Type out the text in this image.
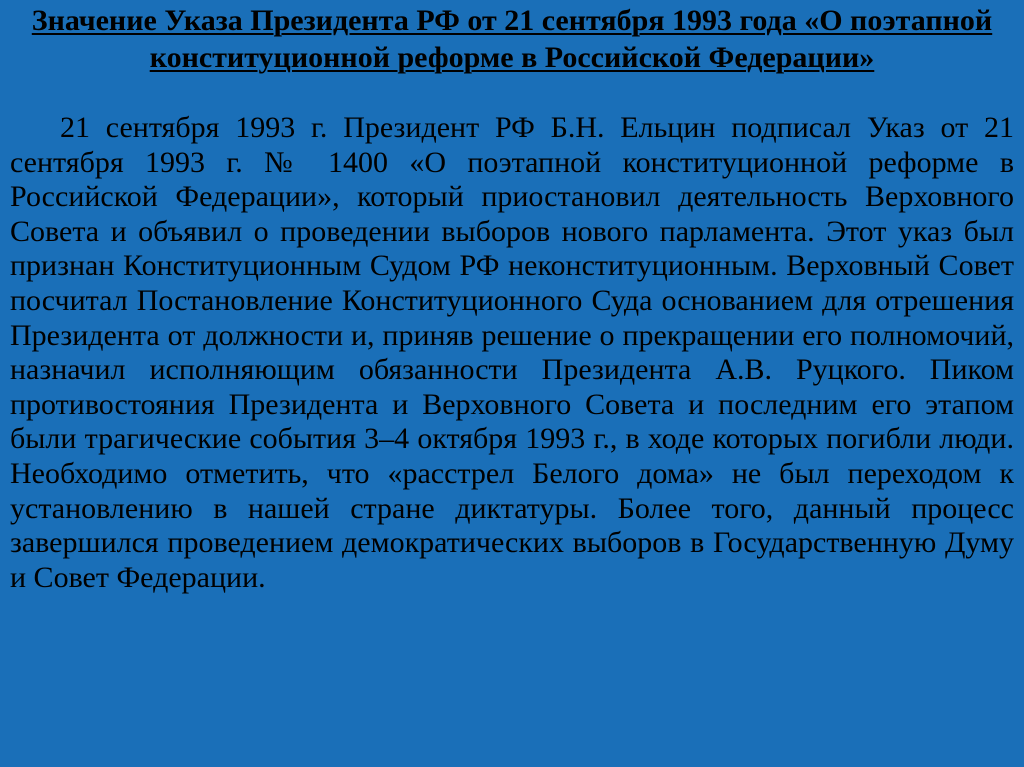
Значение Указа Президента РФ от 21 сентября 1993 года «О поэтапной конституционной реформе в Российской Федерации»

21 сентября 1993 г. Президент РФ Б.Н. Ельцин подписал Указ от 21 сентября 1993 г. № 1400 «О поэтапной конституционной реформе в Российской Федерации», который приостановил деятельность Верховного Совета и объявил о проведении выборов нового парламента. Этот указ был признан Конституционным Судом РФ неконституционным. Верховный Совет посчитал Постановление Конституционного Суда основанием для отрешения Президента от должности и, приняв решение о прекращении его полномочий, назначил исполняющим обязанности Президента А.В. Руцкого. Пиком противостояния Президента и Верховного Совета и последним его этапом были трагические события 3–4 октября 1993 г., в ходе которых погибли люди. Необходимо отметить, что «расстрел Белого дома» не был переходом к установлению в нашей стране диктатуры. Более того, данный процесс завершился проведением демократических выборов в Государственную Думу и Совет Федерации.
